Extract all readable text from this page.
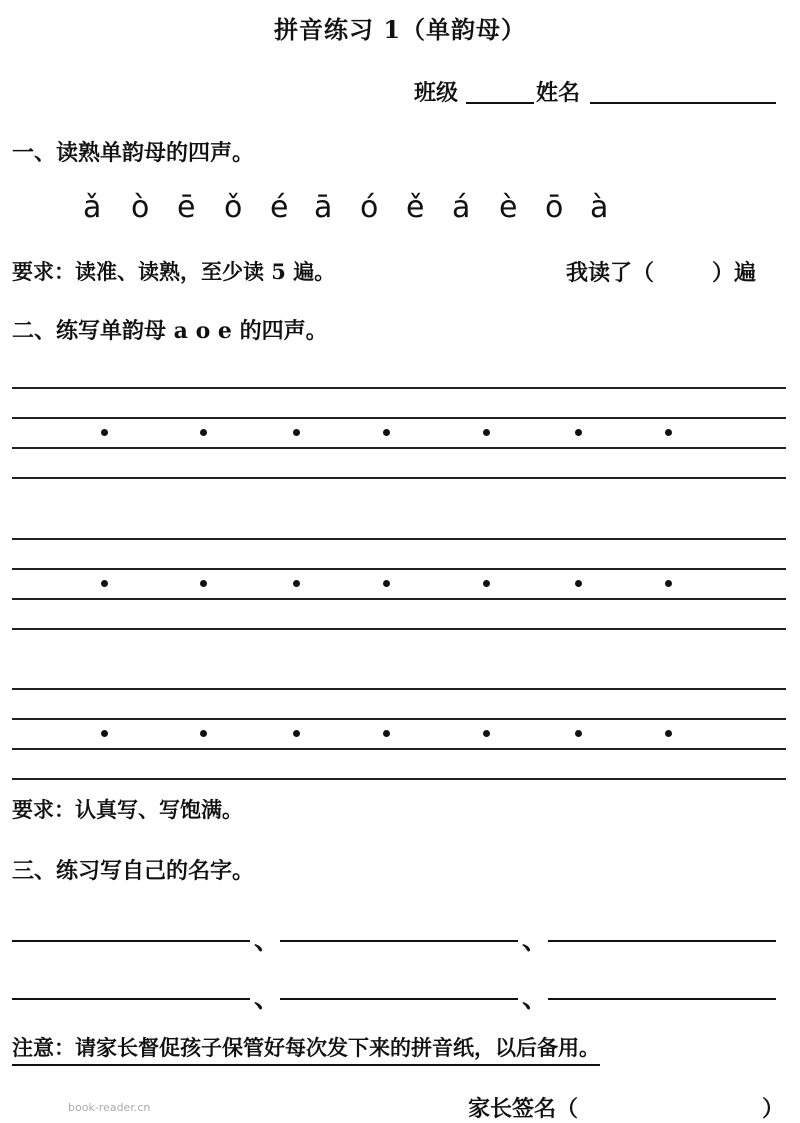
拼音练习 1（单韵母）
班级	姓名
一、读熟单韵母的四声。
ǎ ò ē ǒ é ā ó ě á è ō à
要求：读准、读熟，至少读 5 遍。	我读了（	）遍
二、练写单韵母 a o e 的四声。
要求：认真写、写饱满。
三、练习写自己的名字。
、	、
、	、
注意：请家长督促孩子保管好每次发下来的拼音纸，以后备用。
家长签名（	）
book-reader.cn
